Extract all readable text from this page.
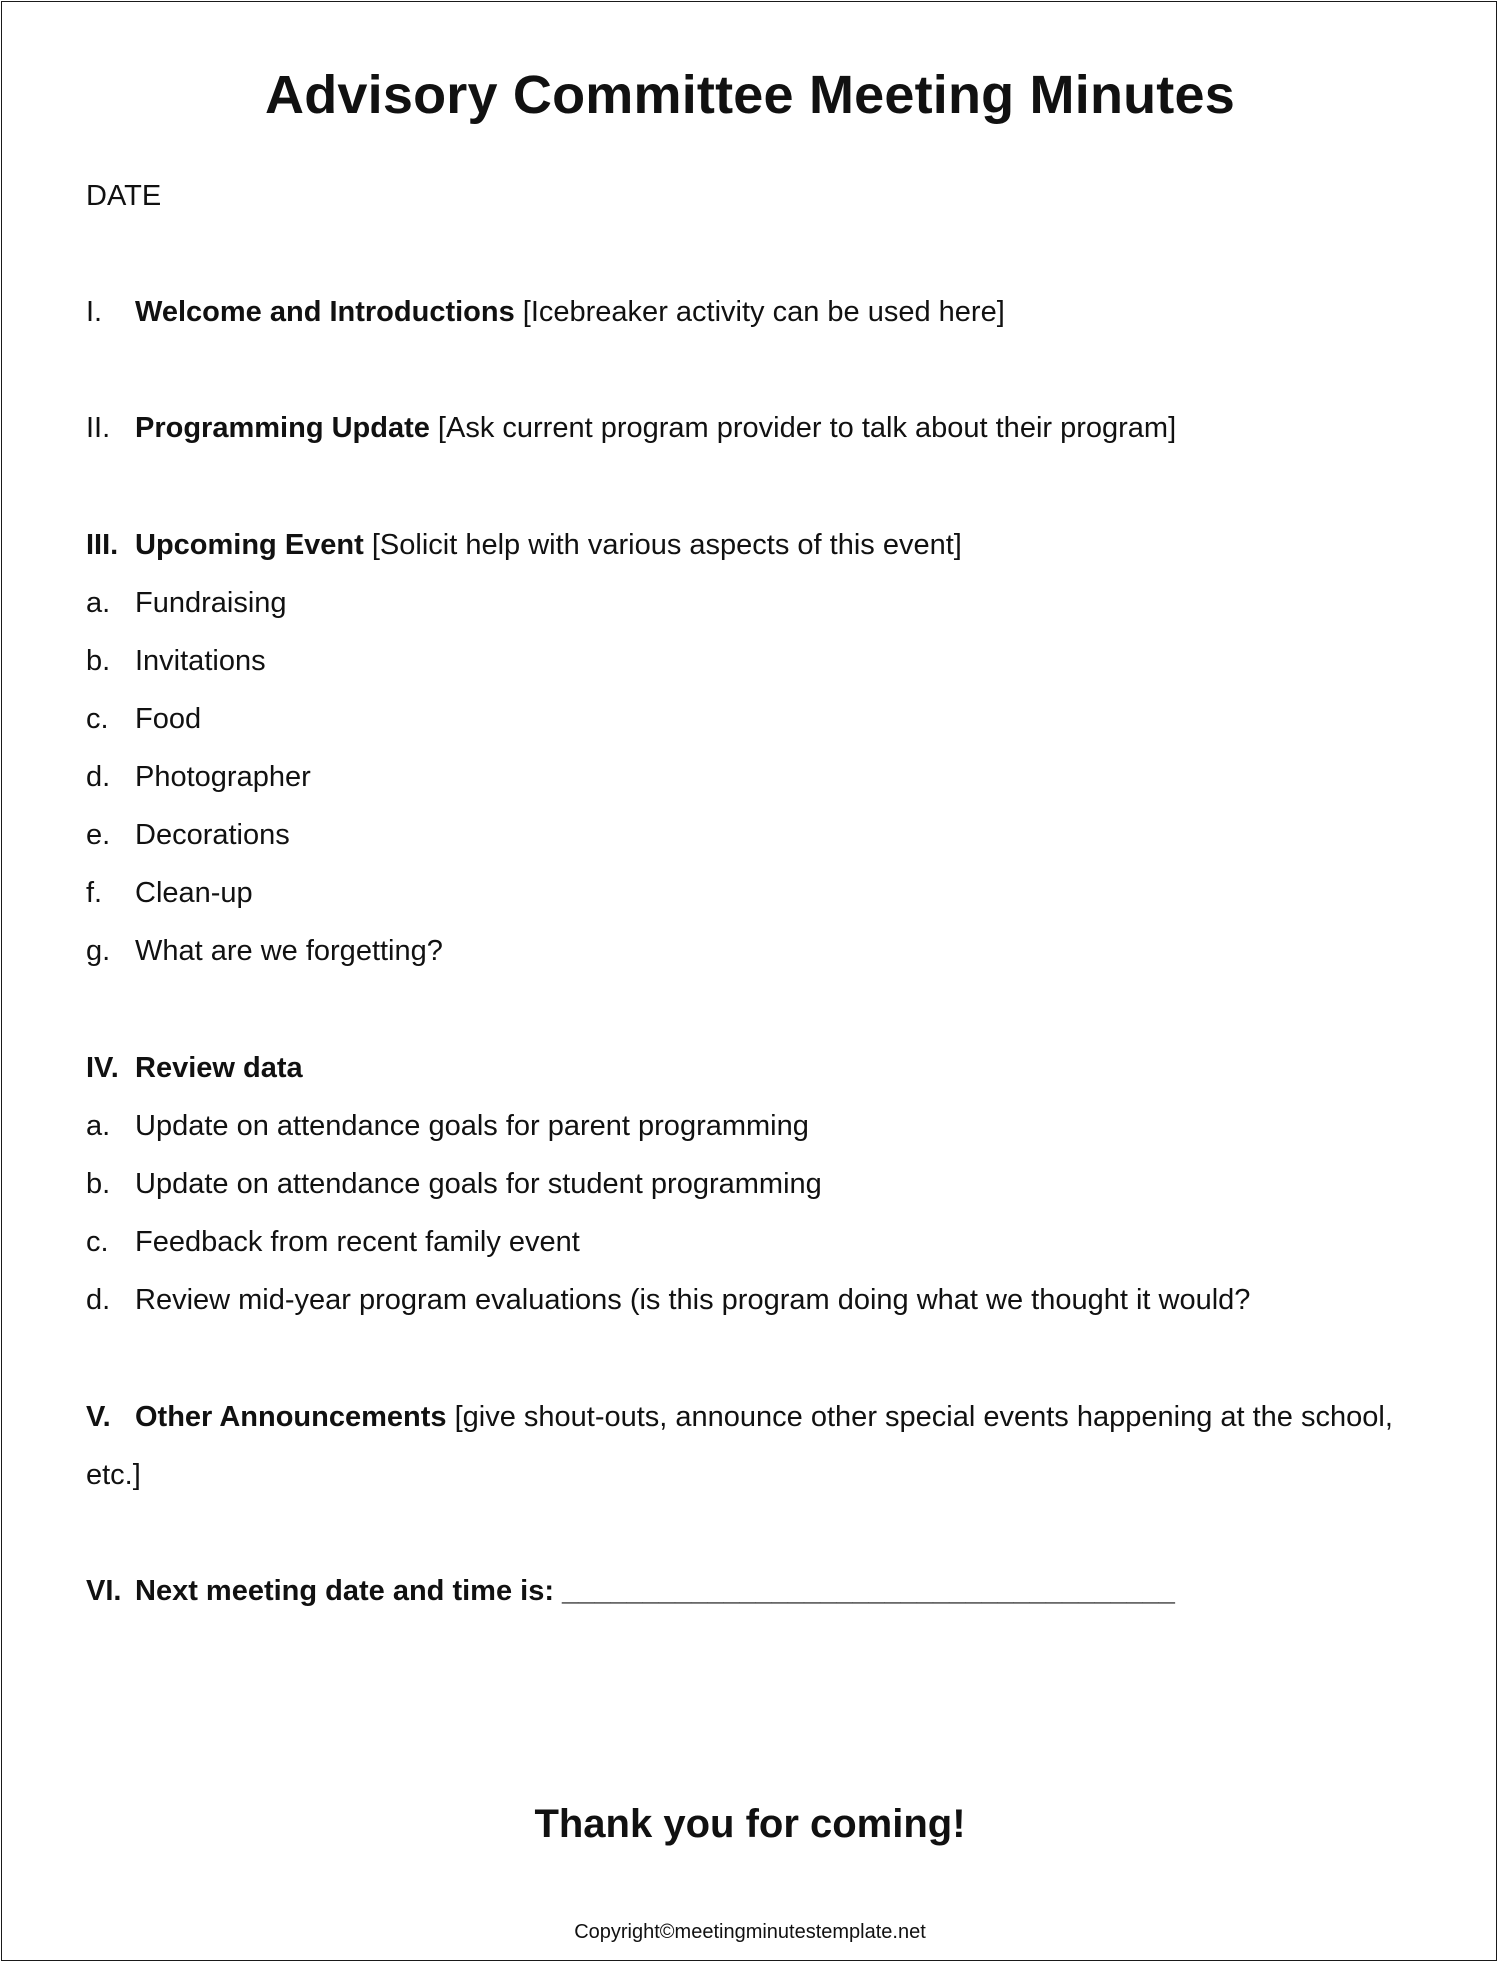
Advisory Committee Meeting Minutes
DATE
I. Welcome and Introductions [Icebreaker activity can be used here]
II. Programming Update [Ask current program provider to talk about their program]
III. Upcoming Event [Solicit help with various aspects of this event]
a. Fundraising
b. Invitations
c. Food
d. Photographer
e. Decorations
f. Clean-up
g. What are we forgetting?
IV. Review data
a. Update on attendance goals for parent programming
b. Update on attendance goals for student programming
c. Feedback from recent family event
d. Review mid-year program evaluations (is this program doing what we thought it would?
V. Other Announcements [give shout-outs, announce other special events happening at the school, etc.]
VI. Next meeting date and time is: ______________________________________
Thank you for coming!
Copyright©meetingminutestemplate.net
